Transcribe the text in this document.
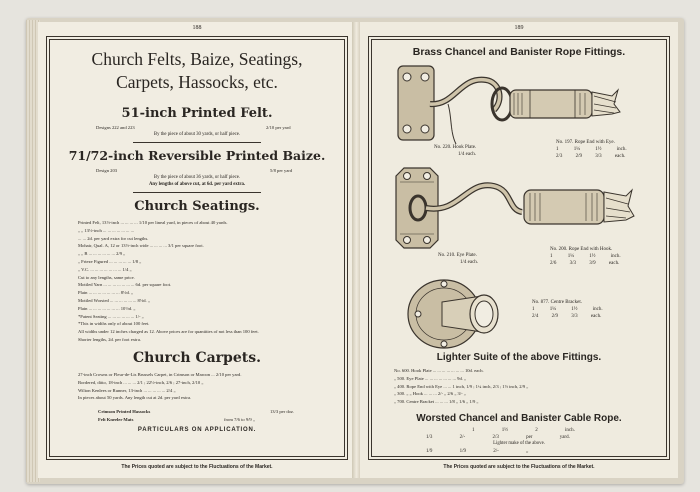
188
Church Felts, Baize, Seatings,
Carpets, Hassocks, etc.
51-inch Printed Felt.
Designs 222 and 223	2/10 per yard
By the piece of about 30 yards, or half piece.
71/72-inch Reversible Printed Baize.
Design 203	5/8 per yard
By the piece of about 36 yards, or half piece.
Any lengths of above cut, at 6d. per yard extra.
Church Seatings.
Printed Felt, 13½-inch ... ... ... ... 1/10 per lineal yard, in pieces of about 40 yards.
„ „ 13½-inch ... ... ... ... ... ... ...
... ... 2d. per yard extra for cut lengths.
Mohair, Qual. A, 12 or 13½-inch wide ... ... ... ... 3/1 per square foot.
„ „ B ... ... ... ... ... ... 2/9 „
„ Frieze Figured ... ... ... ... ... 1/8 „
„ V.C. ... ... ... ... ... ... ... 1/4 „
Cut to any lengths, same price.
Mottled Yarn ... ... ... ... ... ... ... 6d. per square foot.
Plain ... ... ... ... ... ... ... 8½d. „
Mottled Worsted ... ... ... ... ... ... 8½d. „
Plain ... ... ... ... ... ... ... 10½d. „
*Patent Seating ... ... ... ... ... ... 1/- „
*This in widths only of about 100 feet.
All widths under 12 inches charged as 12. Above prices are for quantities of not less than 100 feet.
Shorter lengths, 2d. per foot extra.
Church Carpets.
27-inch Crowns or Fleur-de-Lis Brussels Carpet, in Crimson or Maroon ... 2/10 per yard.
Bordered, ditto, 18-inch ... ... ... 2/1 ; 22½-inch, 2/6 ; 27-inch, 2/10 „
Wilton Kenlees or Runner, 13-inch ... ... ... ... ... 2/4 „
In pieces about 50 yards. Any length cut at 2d. per yard extra.
Crimson Printed Hassocks	13/3 per doz.
Felt Kneeler Mats	from 7/6 to 9/9 „
PARTICULARS ON APPLICATION.
The Prices quoted are subject to the Fluctuations of the Market.
189
Brass Chancel and Banister Rope Fittings.
No. 220. Hook Plate.
1/4 each.
No. 197. Rope End with Eye.
1 1¼ 1½ inch.
2/3 2/9 3/3 each.
No. 210. Eye Plate.
1/4 each.
No. 200. Rope End with Hook.
1 1¼ 1½ inch.
2/6 3/3 3/9 each.
No. 877. Centre Bracket.
1 1¼ 1½ inch.
2/4 2/9 3/3 each.
Lighter Suite of the above Fittings.
No. 600. Hook Plate ... ... ... ... ... ... ... 10d. each.
„ 500. Eye Plate ... ... ... ... ... ... ... 9d. „
„ 400. Rope End with Eye ... ... 1 inch, 1/9 ; 1¼ inch, 2/3 ; 1½ inch, 2/9 „
„ 300. „ „ Hook ... ... ... 2/- „ 2/6 „ 3/- „
„ 700. Centre Bracket ... ... ... 1/8 „ 1/6 „ 1/9 „
Worsted Chancel and Banister Cable Rope.
1 1½ 2 inch.
1/3 2/- 2/3 per yard.
Lighter make of the above.
1/9 1/9 2/- „
The Prices quoted are subject to the Fluctuations of the Market.
